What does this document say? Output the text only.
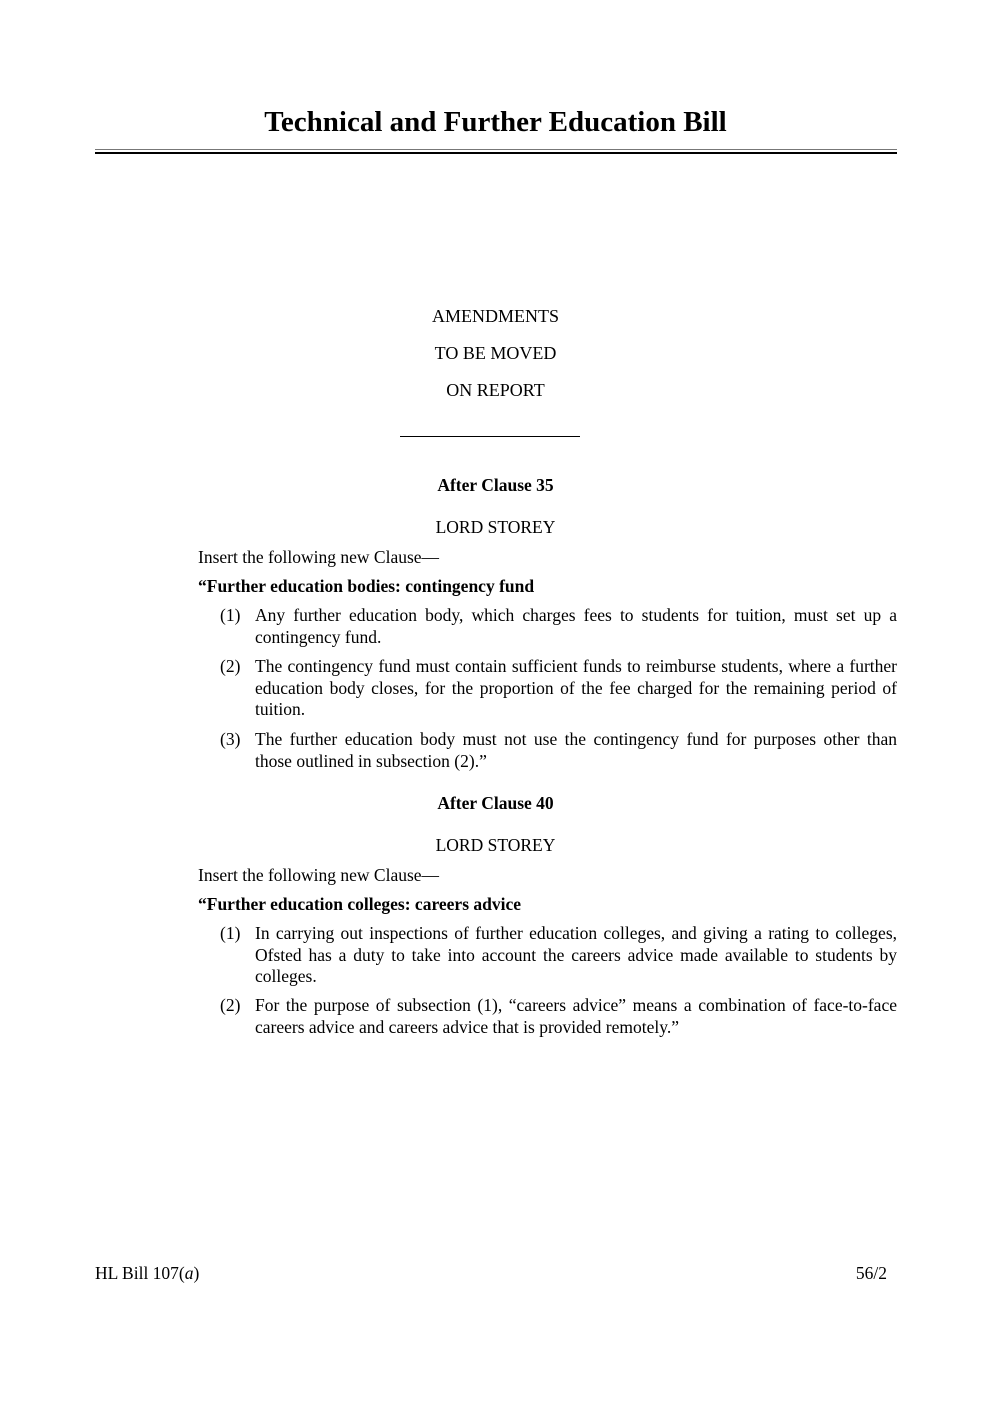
Technical and Further Education Bill
AMENDMENTS
TO BE MOVED
ON REPORT
After Clause 35
LORD STOREY
Insert the following new Clause—
“Further education bodies: contingency fund
(1) Any further education body, which charges fees to students for tuition, must set up a contingency fund.
(2) The contingency fund must contain sufficient funds to reimburse students, where a further education body closes, for the proportion of the fee charged for the remaining period of tuition.
(3) The further education body must not use the contingency fund for purposes other than those outlined in subsection (2).”
After Clause 40
LORD STOREY
Insert the following new Clause—
“Further education colleges: careers advice
(1) In carrying out inspections of further education colleges, and giving a rating to colleges, Ofsted has a duty to take into account the careers advice made available to students by colleges.
(2) For the purpose of subsection (1), “careers advice” means a combination of face-to-face careers advice and careers advice that is provided remotely.”
HL Bill 107(a)	56/2
